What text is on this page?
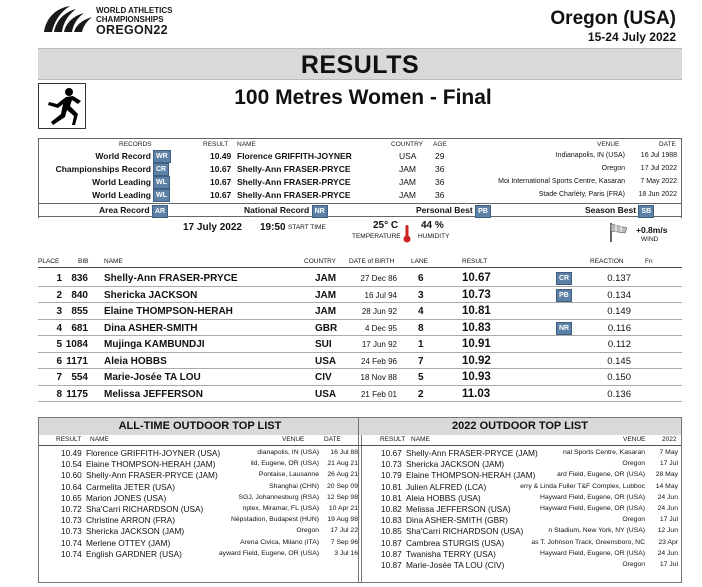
WORLD ATHLETICS
CHAMPIONSHIPS
OREGON22
Oregon (USA)
15-24 July 2022
RESULTS
100 Metres Women - Final
RECORDS	RESULT NAME	COUNTRY AGE	VENUE	DATE
World Record WR	10.49 Florence GRIFFITH-JOYNER	USA 29	Indianapolis, IN (USA) 16 Jul 1988
Championships Record CR	10.67 Shelly-Ann FRASER-PRYCE	JAM 36	Oregon 17 Jul 2022
World Leading WL	10.67 Shelly-Ann FRASER-PRYCE	JAM 36	Moi International Sports Centre, Kasaran 7 May 2022
World Leading WL	10.67 Shelly-Ann FRASER-PRYCE	JAM 36	Stade Charléty, Paris (FRA) 18 Jun 2022
Area Record AR	National Record NR	Personal Best PB	Season Best SB
17 July 2022 19:50 START TIME	25° C
TEMPERATURE
44 %
HUMIDITY
+0.8m/s
WIND
PLACE	BIB NAME	COUNTRY DATE of BIRTH	LANE	RESULT	REACTION	Fn
1 836 Shelly-Ann FRASER-PRYCE	JAM	27 Dec 86 6	10.67	CR	0.137
2 840 Shericka JACKSON	JAM	16 Jul 94 3	10.73	PB	0.134
3 855 Elaine THOMPSON-HERAH	JAM	28 Jun 92 4	10.81	0.149
4 681 Dina ASHER-SMITH	GBR	4 Dec 95 8	10.83	NR	0.116
5 1084 Mujinga KAMBUNDJI	SUI	17 Jun 92 1	10.91	0.112
6 1171 Aleia HOBBS	USA	24 Feb 96 7	10.92	0.145
7 554 Marie-Josée TA LOU	CIV	18 Nov 88 5	10.93	0.150
8 1175 Melissa JEFFERSON	USA	21 Feb 01 2	11.03	0.136
ALL-TIME OUTDOOR TOP LIST
RESULT NAME	VENUE	DATE
10.49 Florence GRIFFITH-JOYNER (USA)	dianapolis, IN (USA) 16 Jul 88
10.54 Elaine THOMPSON-HERAH (JAM)	ild, Eugene, OR (USA) 21 Aug 21
10.60 Shelly-Ann FRASER-PRYCE (JAM)	Pontaise, Lausanne 26 Aug 21
10.64 Carmelita JETER (USA)	Shanghai (CHN) 20 Sep 09
10.65 Marion JONES (USA)	SGJ, Johannesburg (RSA) 12 Sep 98
10.72 Sha'Carri RICHARDSON (USA)	nplex, Miramar, FL (USA) 10 Apr 21
10.73 Christine ARRON (FRA)	Népstadion, Budapest (HUN) 19 Aug 98
10.73 Shericka JACKSON (JAM)	Oregon 17 Jul 22
10.74 Merlene OTTEY (JAM)	Arena Civica, Milano (ITA) 7 Sep 96
10.74 English GARDNER (USA)	ayward Field, Eugene, OR (USA) 3 Jul 16
2022 OUTDOOR TOP LIST
RESULT NAME	VENUE	2022
10.67 Shelly-Ann FRASER-PRYCE (JAM)	nal Sports Centre, Kasaran 7 May
10.73 Shericka JACKSON (JAM)	Oregon 17 Jul
10.79 Elaine THOMPSON-HERAH (JAM)	ard Field, Eugene, OR (USA) 28 May
10.81 Julien ALFRED (LCA)	erry & Linda Fuller T&F Complex, Lubboc 14 May
10.81 Aleia HOBBS (USA)	Hayward Field, Eugene, OR (USA) 24 Jun
10.82 Melissa JEFFERSON (USA)	Hayward Field, Eugene, OR (USA) 24 Jun
10.83 Dina ASHER-SMITH (GBR)	Oregon 17 Jul
10.85 Sha'Carri RICHARDSON (USA)	n Stadium, New York, NY (USA) 12 Jun
10.87 Cambrea STURGIS (USA)	as T. Johnson Track, Greensboro, NC 23 Apr
10.87 Twanisha TERRY (USA)	Hayward Field, Eugene, OR (USA) 24 Jun
10.87 Marie-Josée TA LOU (CIV)	Oregon 17 Jul
